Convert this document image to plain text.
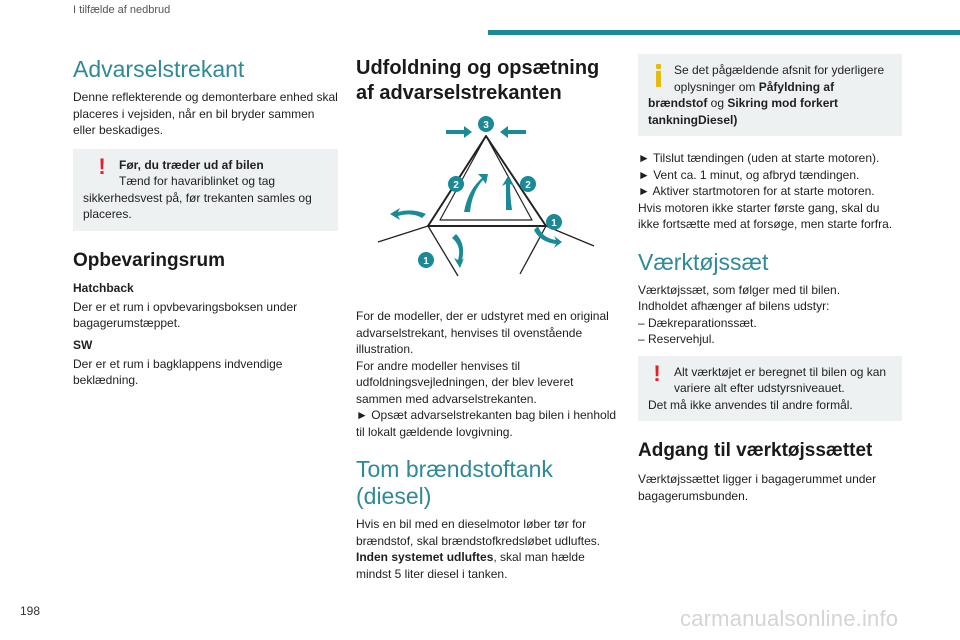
I tilfælde af nedbrud
Advarselstrekant

Denne reflekterende og demonterbare enhed skal placeres i vejsiden, når en bil bryder sammen eller beskadiges.

!	Før, du træder ud af bilen
Tænd for havariblinket og tag sikkerhedsvest på, før trekanten samles og placeres.

Opbevaringsrum
Hatchback

Der er et rum i opvbevaringsboksen under bagagerumstæppet.

SW

Der er et rum i bagklappens indvendige beklædning.

Udfoldning og opsætning af advarselstrekanten
3
2	2
1
1

For de modeller, der er udstyret med en original advarselstrekant, henvises til ovenstående illustration.

For andre modeller henvises til udfoldningsvejledningen, der blev leveret sammen med advarselstrekanten.

► Opsæt advarselstrekanten bag bilen i henhold til lokalt gældende lovgivning.

Tom brændstoftank (diesel)

Hvis en bil med en dieselmotor løber tør for brændstof, skal brændstofkredsløbet udluftes.

Inden systemet udluftes, skal man hælde mindst 5 liter diesel i tanken.

Se det pågældende afsnit for yderligere oplysninger om Påfyldning af brændstof og Sikring mod forkert tankningDiesel)

► Tilslut tændingen (uden at starte motoren).

► Vent ca. 1 minut, og afbryd tændingen.

► Aktiver startmotoren for at starte motoren.

Hvis motoren ikke starter første gang, skal du ikke fortsætte med at forsøge, men starte forfra.

Værktøjssæt

Værktøjssæt, som følger med til bilen.

Indholdet afhænger af bilens udstyr:

– Dækreparationssæt.

– Reservehjul.

!	Alt værktøjet er beregnet til bilen og kan variere alt efter udstyrsniveauet.

Det må ikke anvendes til andre formål.

Adgang til værktøjssættet

Værktøjssættet ligger i bagagerummet under bagagerumsbunden.

198	carmanualsonline.info
